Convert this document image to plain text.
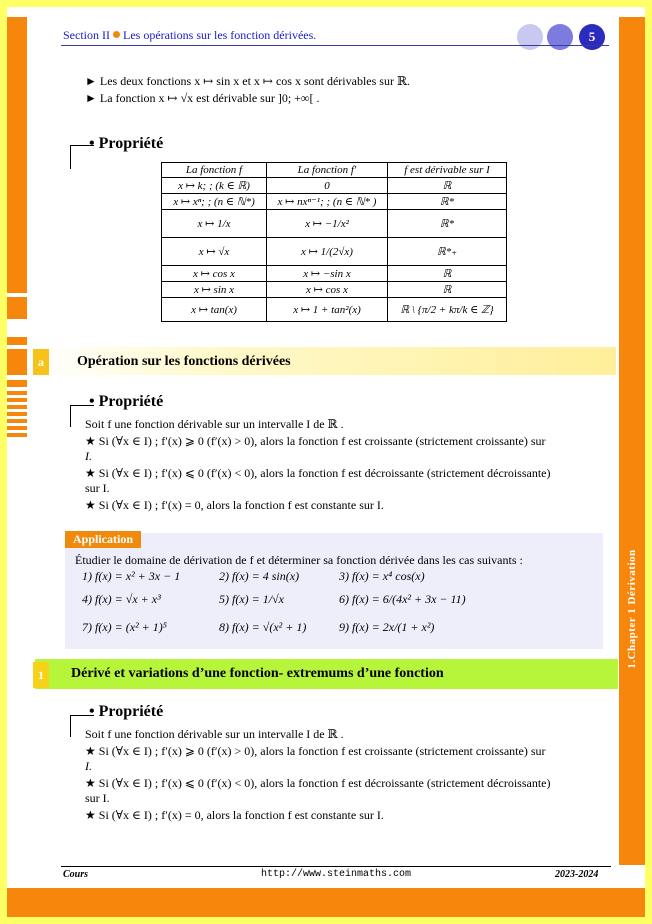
Section II Les opérations sur les fonction dérivées.	5
1.Chapter 1 Dérivation
► Les deux fonctions x ↦ sin x et x ↦ cos x sont dérivables sur ℝ.
► La fonction x ↦ √x est dérivable sur ]0; +∞[ .
• Propriété
La fonction f	La fonction f′	f est dérivable sur I
x ↦ k; ; (k ∈ ℝ)	0	ℝ
x ↦ xⁿ; ; (n ∈ ℕ*)	x ↦ nxⁿ⁻¹; ; (n ∈ ℕ* )	ℝ*
x ↦ 1/x	x ↦ −1/x²	ℝ*
x ↦ √x	x ↦ 1/(2√x)	ℝ*₊
x ↦ cos x	x ↦ −sin x	ℝ
x ↦ sin x	x ↦ cos x	ℝ
x ↦ tan(x)	x ↦ 1 + tan²(x)	ℝ \ {π/2 + kπ/k ∈ ℤ}
a	Opération sur les fonctions dérivées
• Propriété
Soit f une fonction dérivable sur un intervalle I de ℝ .
★ Si (∀x ∈ I) ; f′(x) ⩾ 0 (f′(x) > 0), alors la fonction f est croissante (strictement croissante) sur
I.
★ Si (∀x ∈ I) ; f′(x) ⩽ 0 (f′(x) < 0), alors la fonction f est décroissante (strictement décroissante)
sur I.
★ Si (∀x ∈ I) ; f′(x) = 0, alors la fonction f est constante sur I.
Application
Étudier le domaine de dérivation de f et déterminer sa fonction dérivée dans les cas suivants :
1) f(x) = x² + 3x − 1	2) f(x) = 4 sin(x)	3) f(x) = x⁴ cos(x)
4) f(x) = √x + x³	5) f(x) = 1/√x	6) f(x) = 6/(4x² + 3x − 11)
7) f(x) = (x² + 1)⁵	8) f(x) = √(x² + 1)	9) f(x) = 2x/(1 + x²)
1	Dérivé et variations d’une fonction- extremums d’une fonction
• Propriété
Soit f une fonction dérivable sur un intervalle I de ℝ .
★ Si (∀x ∈ I) ; f′(x) ⩾ 0 (f′(x) > 0), alors la fonction f est croissante (strictement croissante) sur
I.
★ Si (∀x ∈ I) ; f′(x) ⩽ 0 (f′(x) < 0), alors la fonction f est décroissante (strictement décroissante)
sur I.
★ Si (∀x ∈ I) ; f′(x) = 0, alors la fonction f est constante sur I.
Cours	http://www.steinmaths.com	2023-2024
